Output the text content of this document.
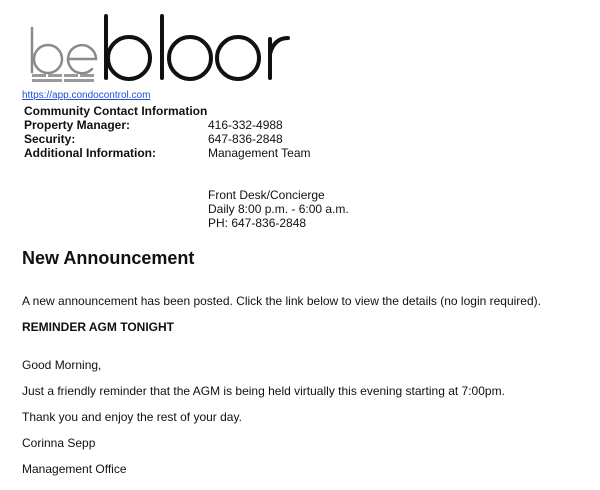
https://app.condocontrol.com
Community Contact Information
Property Manager:	416-332-4988
Security:	647-836-2848
Additional Information:	Management Team
Front Desk/Concierge
Daily 8:00 p.m. - 6:00 a.m.
PH: 647-836-2848
New Announcement
A new announcement has been posted. Click the link below to view the details (no login required).
REMINDER AGM TONIGHT
Good Morning,
Just a friendly reminder that the AGM is being held virtually this evening starting at 7:00pm.
Thank you and enjoy the rest of your day.
Corinna Sepp
Management Office
